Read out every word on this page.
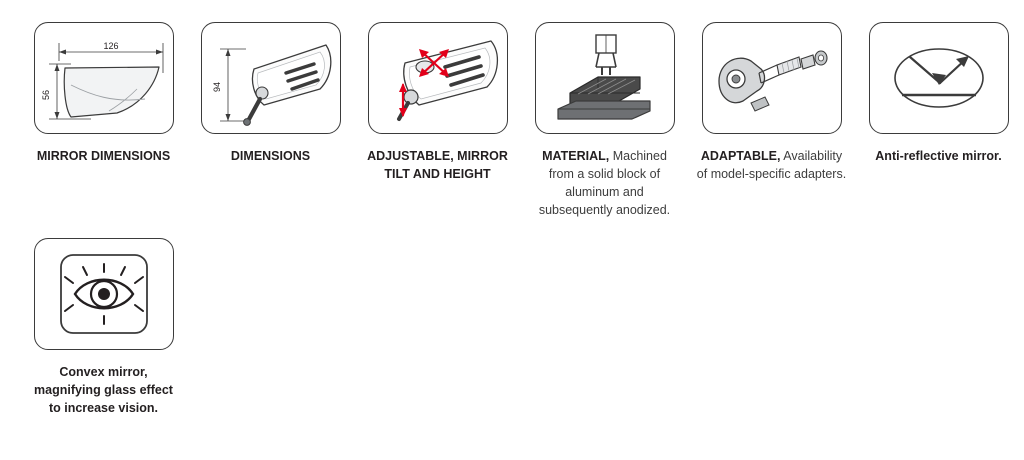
126
56
MIRROR DIMENSIONS
94
DIMENSIONS	ADJUSTABLE, MIRROR TILT AND HEIGHT
MATERIAL, Machined from a solid block of aluminum and subsequently anodized.
ADAPTABLE, Availability of model-specific adapters.
Anti-reflective mirror.
Convex mirror, magnifying glass effect to increase vision.
